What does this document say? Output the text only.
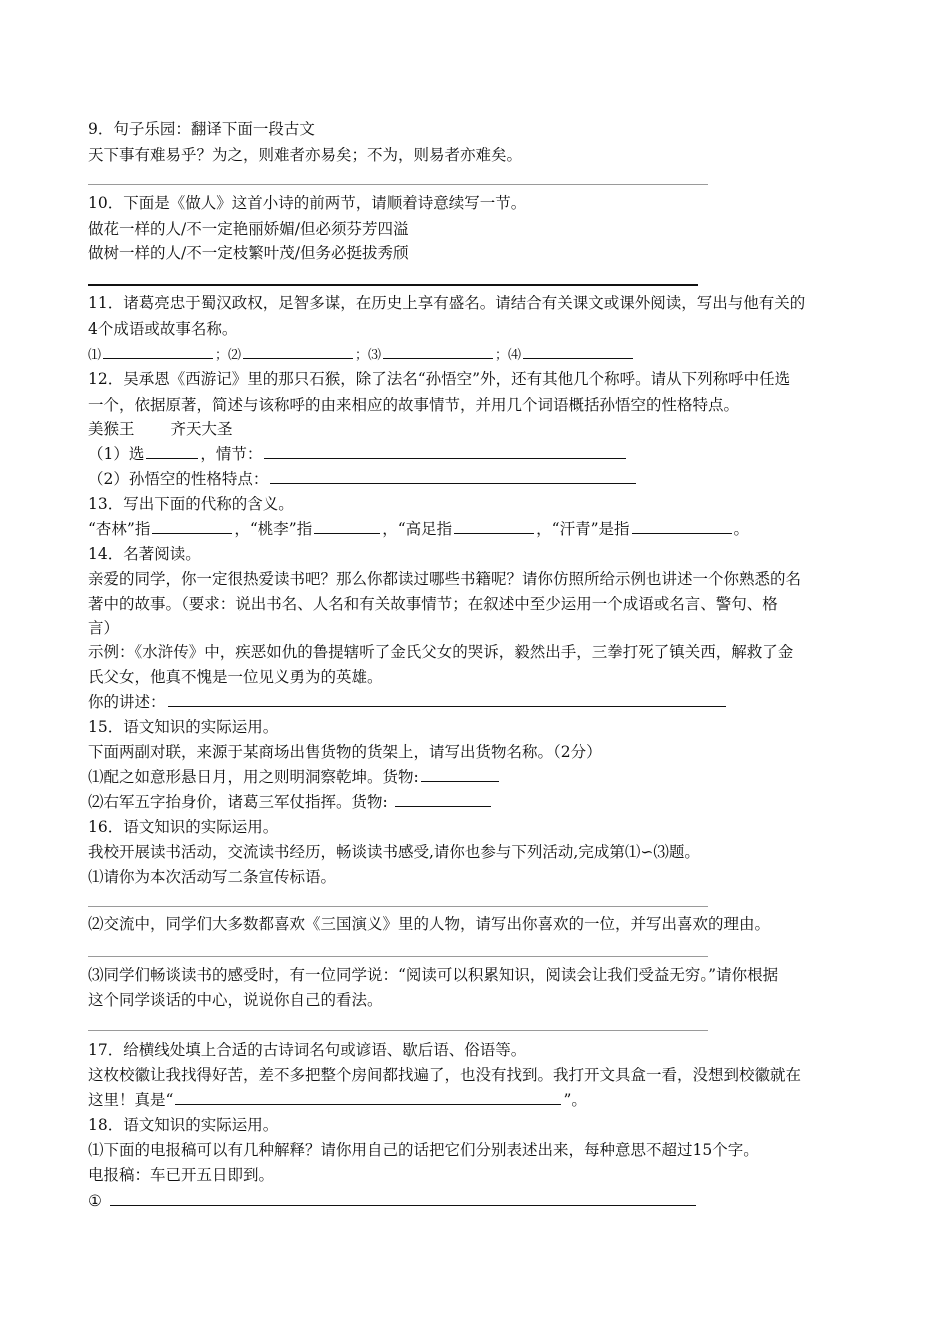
9．句子乐园：翻译下面一段古文
天下事有难易乎？为之，则难者亦易矣；不为，则易者亦难矣。
10．下面是《做人》这首小诗的前两节，请顺着诗意续写一节。
做花一样的人/不一定艳丽娇媚/但必须芬芳四溢
做树一样的人/不一定枝繁叶茂/但务必挺拔秀颀
11．诸葛亮忠于蜀汉政权，足智多谋，在历史上享有盛名。请结合有关课文或课外阅读，写出与他有关的
4个成语或故事名称。
⑴	；⑵	；⑶	；⑷
12．吴承恩《西游记》里的那只石猴，除了法名“孙悟空”外，还有其他几个称呼。请从下列称呼中任选
一个，依据原著，简述与该称呼的由来相应的故事情节，并用几个词语概括孙悟空的性格特点。
美猴王 齐天大圣
（1）选	，情节：
（2）孙悟空的性格特点：
13．写出下面的代称的含义。
“杏林”指	，“桃李”指	，“高足指	，“汗青”是指	。
14．名著阅读。
亲爱的同学，你一定很热爱读书吧？那么你都读过哪些书籍呢？请你仿照所给示例也讲述一个你熟悉的名
著中的故事。（要求：说出书名、人名和有关故事情节；在叙述中至少运用一个成语或名言、警句、格
言）
示例：《水浒传》中，疾恶如仇的鲁提辖听了金氏父女的哭诉，毅然出手，三拳打死了镇关西，解救了金
氏父女，他真不愧是一位见义勇为的英雄。
你的讲述：
15．语文知识的实际运用。
下面两副对联，来源于某商场出售货物的货架上，请写出货物名称。（2分）
⑴配之如意形悬日月，用之则明洞察乾坤。货物:
⑵右军五字抬身价，诸葛三军仗指挥。货物:
16．语文知识的实际运用。
我校开展读书活动，交流读书经历，畅谈读书感受,请你也参与下列活动,完成第⑴∽⑶题。
⑴请你为本次活动写二条宣传标语。
⑵交流中，同学们大多数都喜欢《三国演义》里的人物，请写出你喜欢的一位，并写出喜欢的理由。
⑶同学们畅谈读书的感受时，有一位同学说：“阅读可以积累知识，阅读会让我们受益无穷。”请你根据
这个同学谈话的中心，说说你自己的看法。
17．给横线处填上合适的古诗词名句或谚语、歇后语、俗语等。
这枚校徽让我找得好苦，差不多把整个房间都找遍了，也没有找到。我打开文具盒一看，没想到校徽就在
这里！真是“	”。
18．语文知识的实际运用。
⑴下面的电报稿可以有几种解释？请你用自己的话把它们分别表述出来，每种意思不超过15个字。
电报稿：车已开五日即到。
①
